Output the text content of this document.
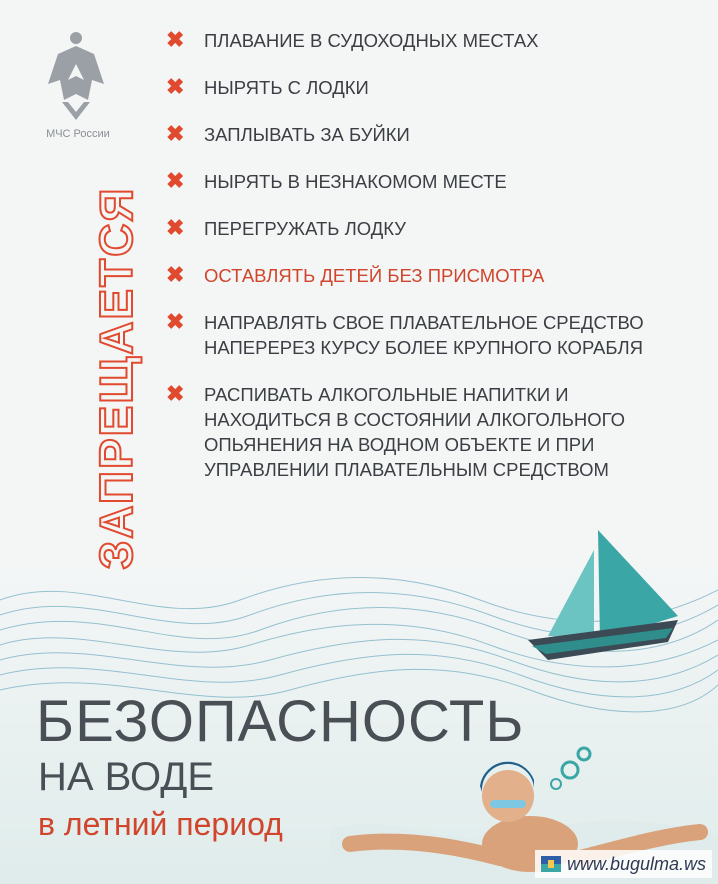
МЧС России
ЗАПРЕЩАЕТСЯ
✖ ПЛАВАНИЕ В СУДОХОДНЫХ МЕСТАХ
✖ НЫРЯТЬ С ЛОДКИ
✖ ЗАПЛЫВАТЬ ЗА БУЙКИ
✖ НЫРЯТЬ В НЕЗНАКОМОМ МЕСТЕ
✖ ПЕРЕГРУЖАТЬ ЛОДКУ
✖ ОСТАВЛЯТЬ ДЕТЕЙ БЕЗ ПРИСМОТРА
✖ НАПРАВЛЯТЬ СВОЕ ПЛАВАТЕЛЬНОЕ СРЕДСТВО НАПЕРЕРЕЗ КУРСУ БОЛЕЕ КРУПНОГО КОРАБЛЯ
✖ РАСПИВАТЬ АЛКОГОЛЬНЫЕ НАПИТКИ И НАХОДИТЬСЯ В СОСТОЯНИИ АЛКОГОЛЬНОГО ОПЬЯНЕНИЯ НА ВОДНОМ ОБЪЕКТЕ И ПРИ УПРАВЛЕНИИ ПЛАВАТЕЛЬНЫМ СРЕДСТВОМ
БЕЗОПАСНОСТЬ
НА ВОДЕ
в летний период
www.bugulma.ws
